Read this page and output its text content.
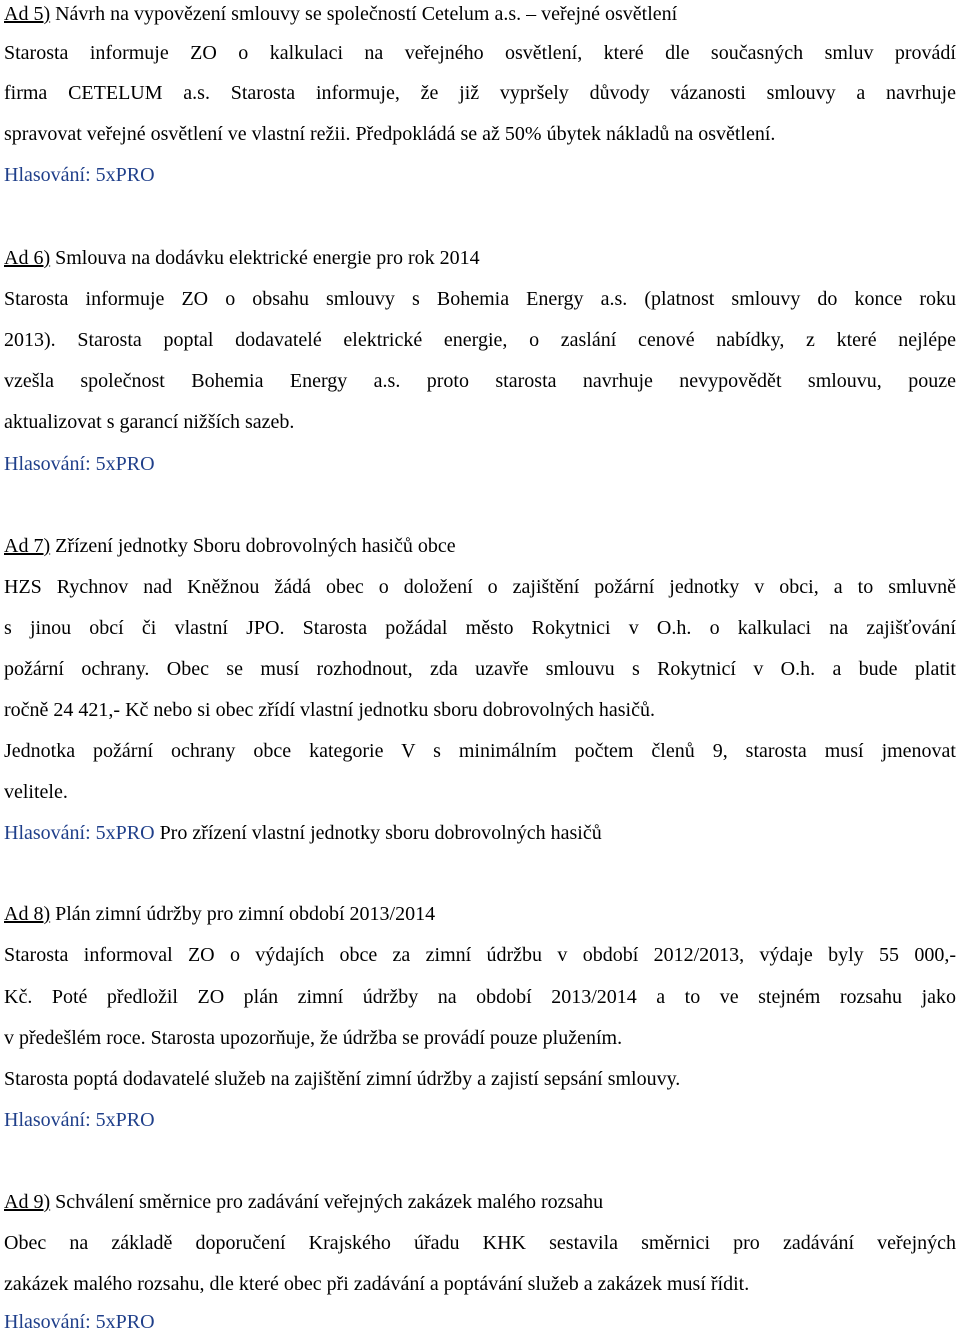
Ad 5) Návrh na vypovězení smlouvy se společností Cetelum a.s. – veřejné osvětlení
Starosta informuje ZO o kalkulaci na veřejného osvětlení, které dle současných smluv provádí
firma CETELUM a.s. Starosta informuje, že již vypršely důvody vázanosti smlouvy a navrhuje
spravovat veřejné osvětlení ve vlastní režii. Předpokládá se až 50% úbytek nákladů na osvětlení.
Hlasování: 5xPRO
Ad 6) Smlouva na dodávku elektrické energie pro rok 2014
Starosta informuje ZO o obsahu smlouvy s Bohemia Energy a.s. (platnost smlouvy do konce roku
2013). Starosta poptal dodavatelé elektrické energie, o zaslání cenové nabídky, z které nejlépe
vzešla společnost Bohemia Energy a.s. proto starosta navrhuje nevypovědět smlouvu, pouze
aktualizovat s garancí nižších sazeb.
Hlasování: 5xPRO
Ad 7) Zřízení jednotky Sboru dobrovolných hasičů obce
HZS Rychnov nad Kněžnou žádá obec o doložení o zajištění požární jednotky v obci, a to smluvně
s jinou obcí či vlastní JPO. Starosta požádal město Rokytnici v O.h. o kalkulaci na zajišťování
požární ochrany. Obec se musí rozhodnout, zda uzavře smlouvu s Rokytnicí v O.h. a bude platit
ročně 24 421,- Kč nebo si obec zřídí vlastní jednotku sboru dobrovolných hasičů.
Jednotka požární ochrany obce kategorie V s minimálním počtem členů 9, starosta musí jmenovat
velitele.
Hlasování: 5xPRO Pro zřízení vlastní jednotky sboru dobrovolných hasičů
Ad 8) Plán zimní údržby pro zimní období 2013/2014
Starosta informoval ZO o výdajích obce za zimní údržbu v období 2012/2013, výdaje byly 55 000,-
Kč. Poté předložil ZO plán zimní údržby na období 2013/2014 a to ve stejném rozsahu jako
v předešlém roce. Starosta upozorňuje, že údržba se provádí pouze plužením.
Starosta poptá dodavatelé služeb na zajištění zimní údržby a zajistí sepsání smlouvy.
Hlasování: 5xPRO
Ad 9) Schválení směrnice pro zadávání veřejných zakázek malého rozsahu
Obec na základě doporučení Krajského úřadu KHK sestavila směrnici pro zadávání veřejných
zakázek malého rozsahu, dle které obec při zadávání a poptávání služeb a zakázek musí řídit.
Hlasování: 5xPRO
